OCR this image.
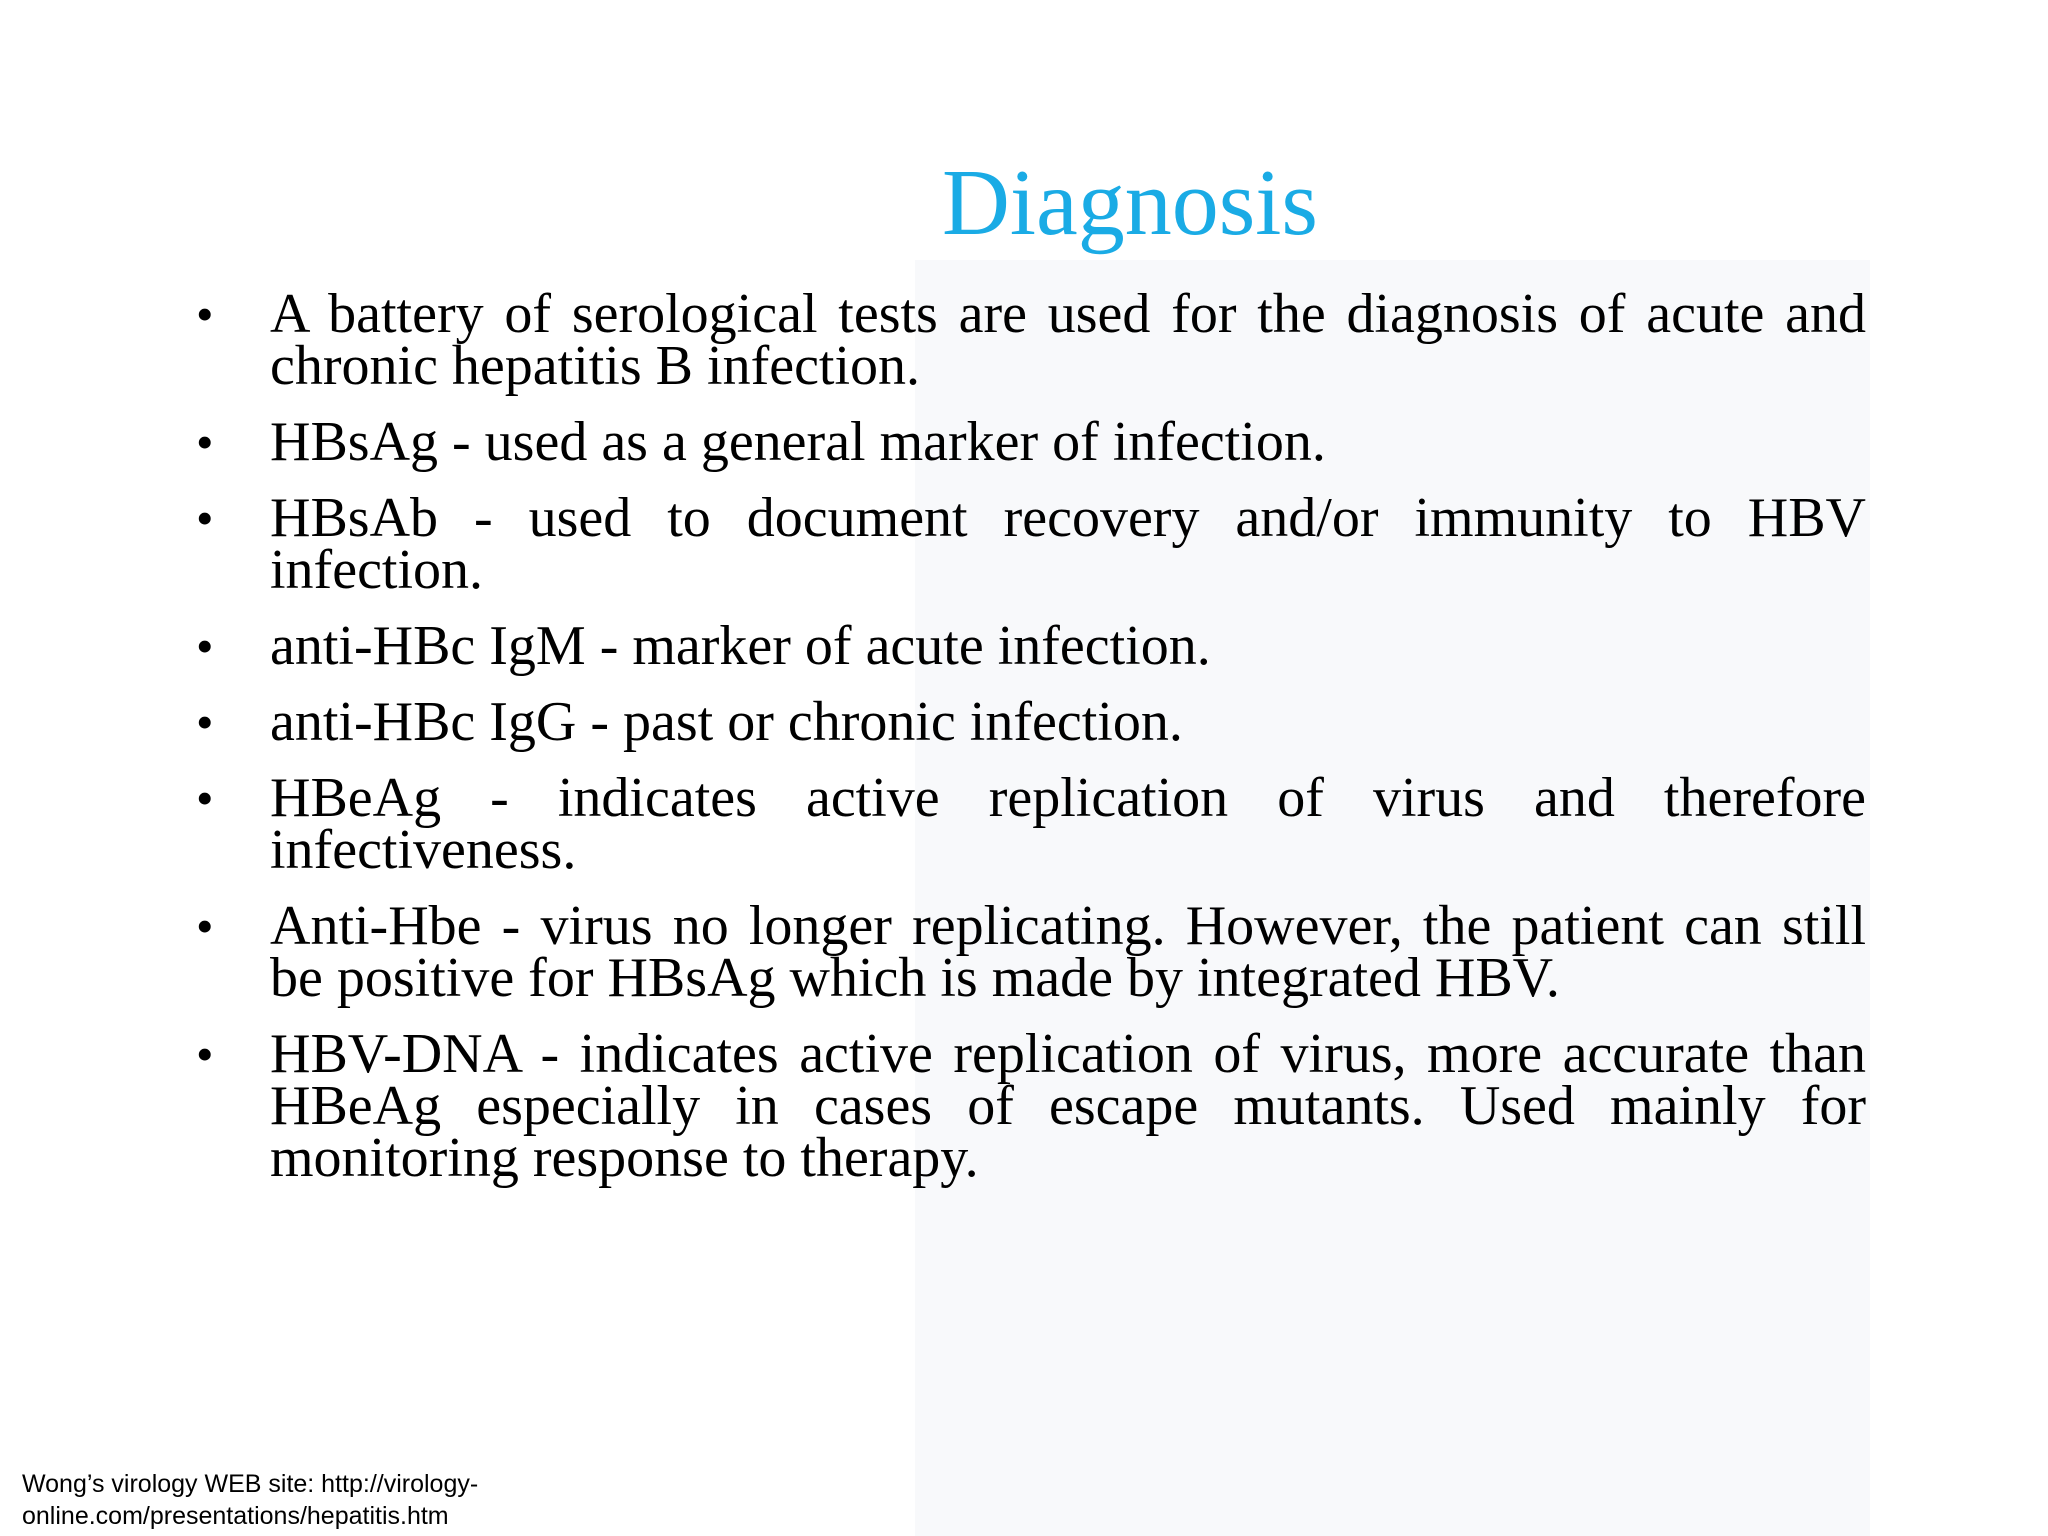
Diagnosis
•	A battery of serological tests are used for the diagnosis of acute and chronic hepatitis B infection.
•	HBsAg - used as a general marker of infection.
•	HBsAb - used to document recovery and/or immunity to HBV infection.
•	anti-HBc IgM - marker of acute infection.
•	anti-HBc IgG - past or chronic infection.
•	HBeAg - indicates active replication of virus and therefore infectiveness.
•	Anti-Hbe - virus no longer replicating. However, the patient can still be positive for HBsAg which is made by integrated HBV.
•	HBV-DNA - indicates active replication of virus, more accurate than HBeAg especially in cases of escape mutants. Used mainly for monitoring response to therapy.
Wong’s virology WEB site: http://virology-
online.com/presentations/hepatitis.htm
